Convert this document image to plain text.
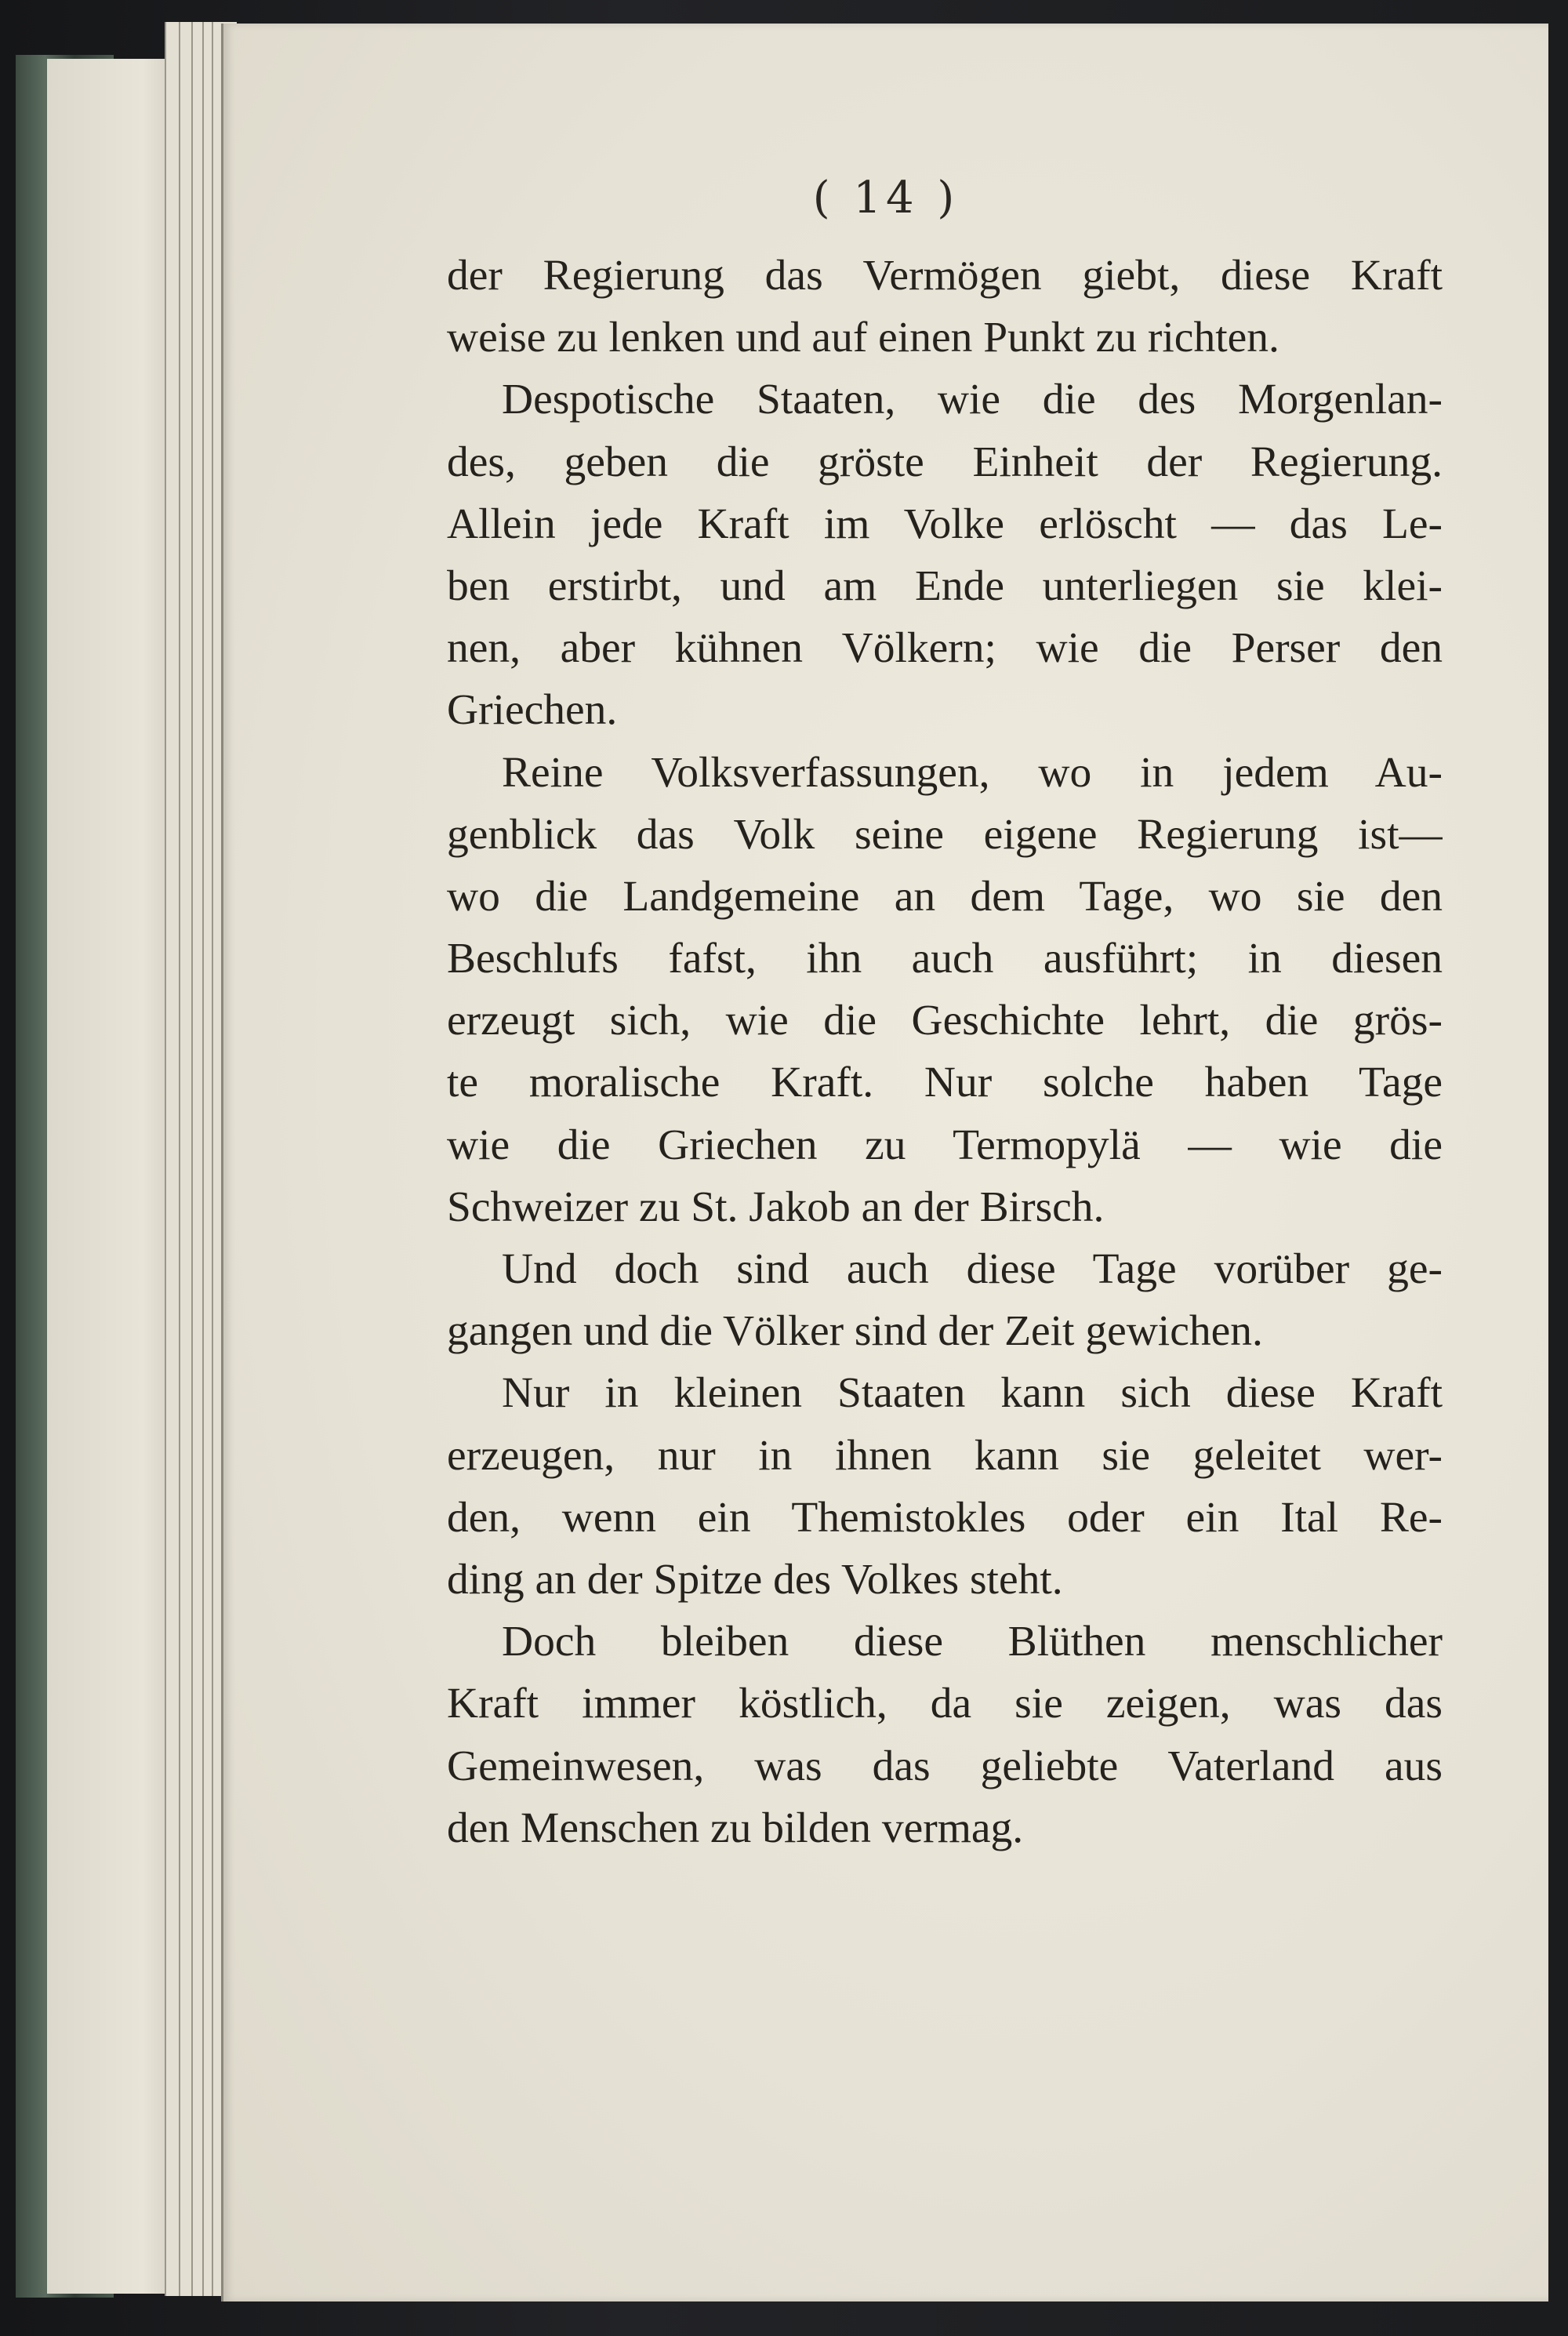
( 14 )
der Regierung das Vermögen giebt, diese Kraft
weise zu lenken und auf einen Punkt zu richten.
Despotische Staaten, wie die des Morgenlan-
des, geben die gröste Einheit der Regierung.
Allein jede Kraft im Volke erlöscht — das Le-
ben erstirbt, und am Ende unterliegen sie klei-
nen, aber kühnen Völkern; wie die Perser den
Griechen.
Reine Volksverfassungen, wo in jedem Au-
genblick das Volk seine eigene Regierung ist—
wo die Landgemeine an dem Tage, wo sie den
Beschlufs fafst, ihn auch ausführt; in diesen
erzeugt sich, wie die Geschichte lehrt, die grös-
te moralische Kraft. Nur solche haben Tage
wie die Griechen zu Termopylä — wie die
Schweizer zu St. Jakob an der Birsch.
Und doch sind auch diese Tage vorüber ge-
gangen und die Völker sind der Zeit gewichen.
Nur in kleinen Staaten kann sich diese Kraft
erzeugen, nur in ihnen kann sie geleitet wer-
den, wenn ein Themistokles oder ein Ital Re-
ding an der Spitze des Volkes steht.
Doch bleiben diese Blüthen menschlicher
Kraft immer köstlich, da sie zeigen, was das
Gemeinwesen, was das geliebte Vaterland aus
den Menschen zu bilden vermag.
